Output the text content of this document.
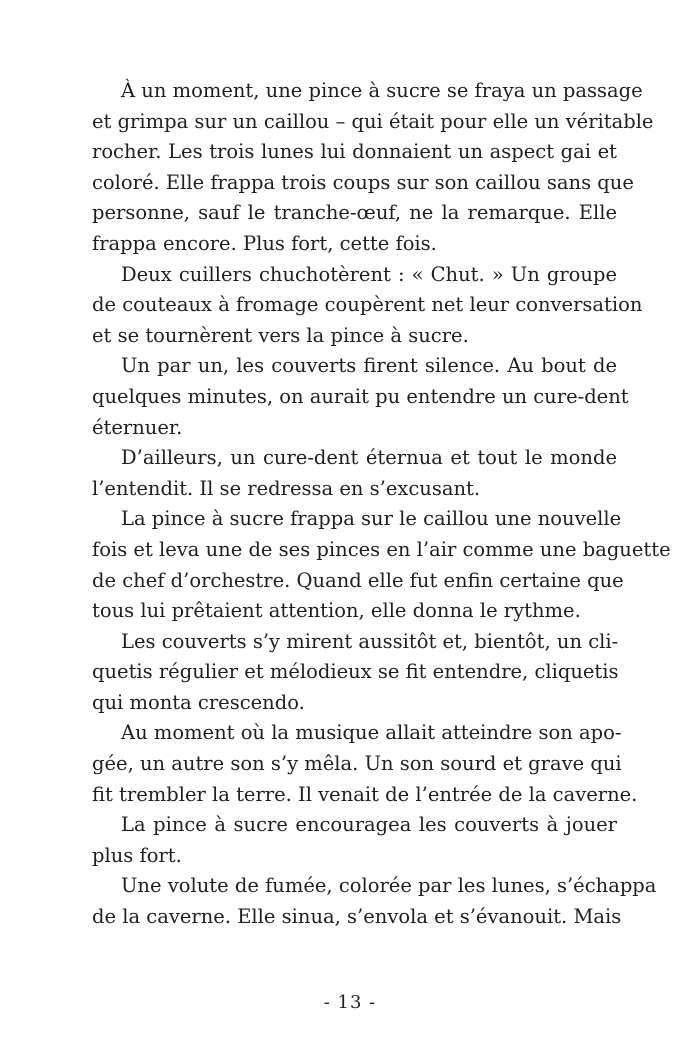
À un moment, une pince à sucre se fraya un passage
et grimpa sur un caillou – qui était pour elle un véritable
rocher. Les trois lunes lui donnaient un aspect gai et
coloré. Elle frappa trois coups sur son caillou sans que
personne, sauf le tranche-œuf, ne la remarque. Elle
frappa encore. Plus fort, cette fois.
Deux cuillers chuchotèrent : « Chut. » Un groupe
de couteaux à fromage coupèrent net leur conversation
et se tournèrent vers la pince à sucre.
Un par un, les couverts firent silence. Au bout de
quelques minutes, on aurait pu entendre un cure-dent
éternuer.
D’ailleurs, un cure-dent éternua et tout le monde
l’entendit. Il se redressa en s’excusant.
La pince à sucre frappa sur le caillou une nouvelle
fois et leva une de ses pinces en l’air comme une baguette
de chef d’orchestre. Quand elle fut enfin certaine que
tous lui prêtaient attention, elle donna le rythme.
Les couverts s’y mirent aussitôt et, bientôt, un cli-
quetis régulier et mélodieux se fit entendre, cliquetis
qui monta crescendo.
Au moment où la musique allait atteindre son apo-
gée, un autre son s’y mêla. Un son sourd et grave qui
fit trembler la terre. Il venait de l’entrée de la caverne.
La pince à sucre encouragea les couverts à jouer
plus fort.
Une volute de fumée, colorée par les lunes, s’échappa
de la caverne. Elle sinua, s’envola et s’évanouit. Mais
- 13 -
